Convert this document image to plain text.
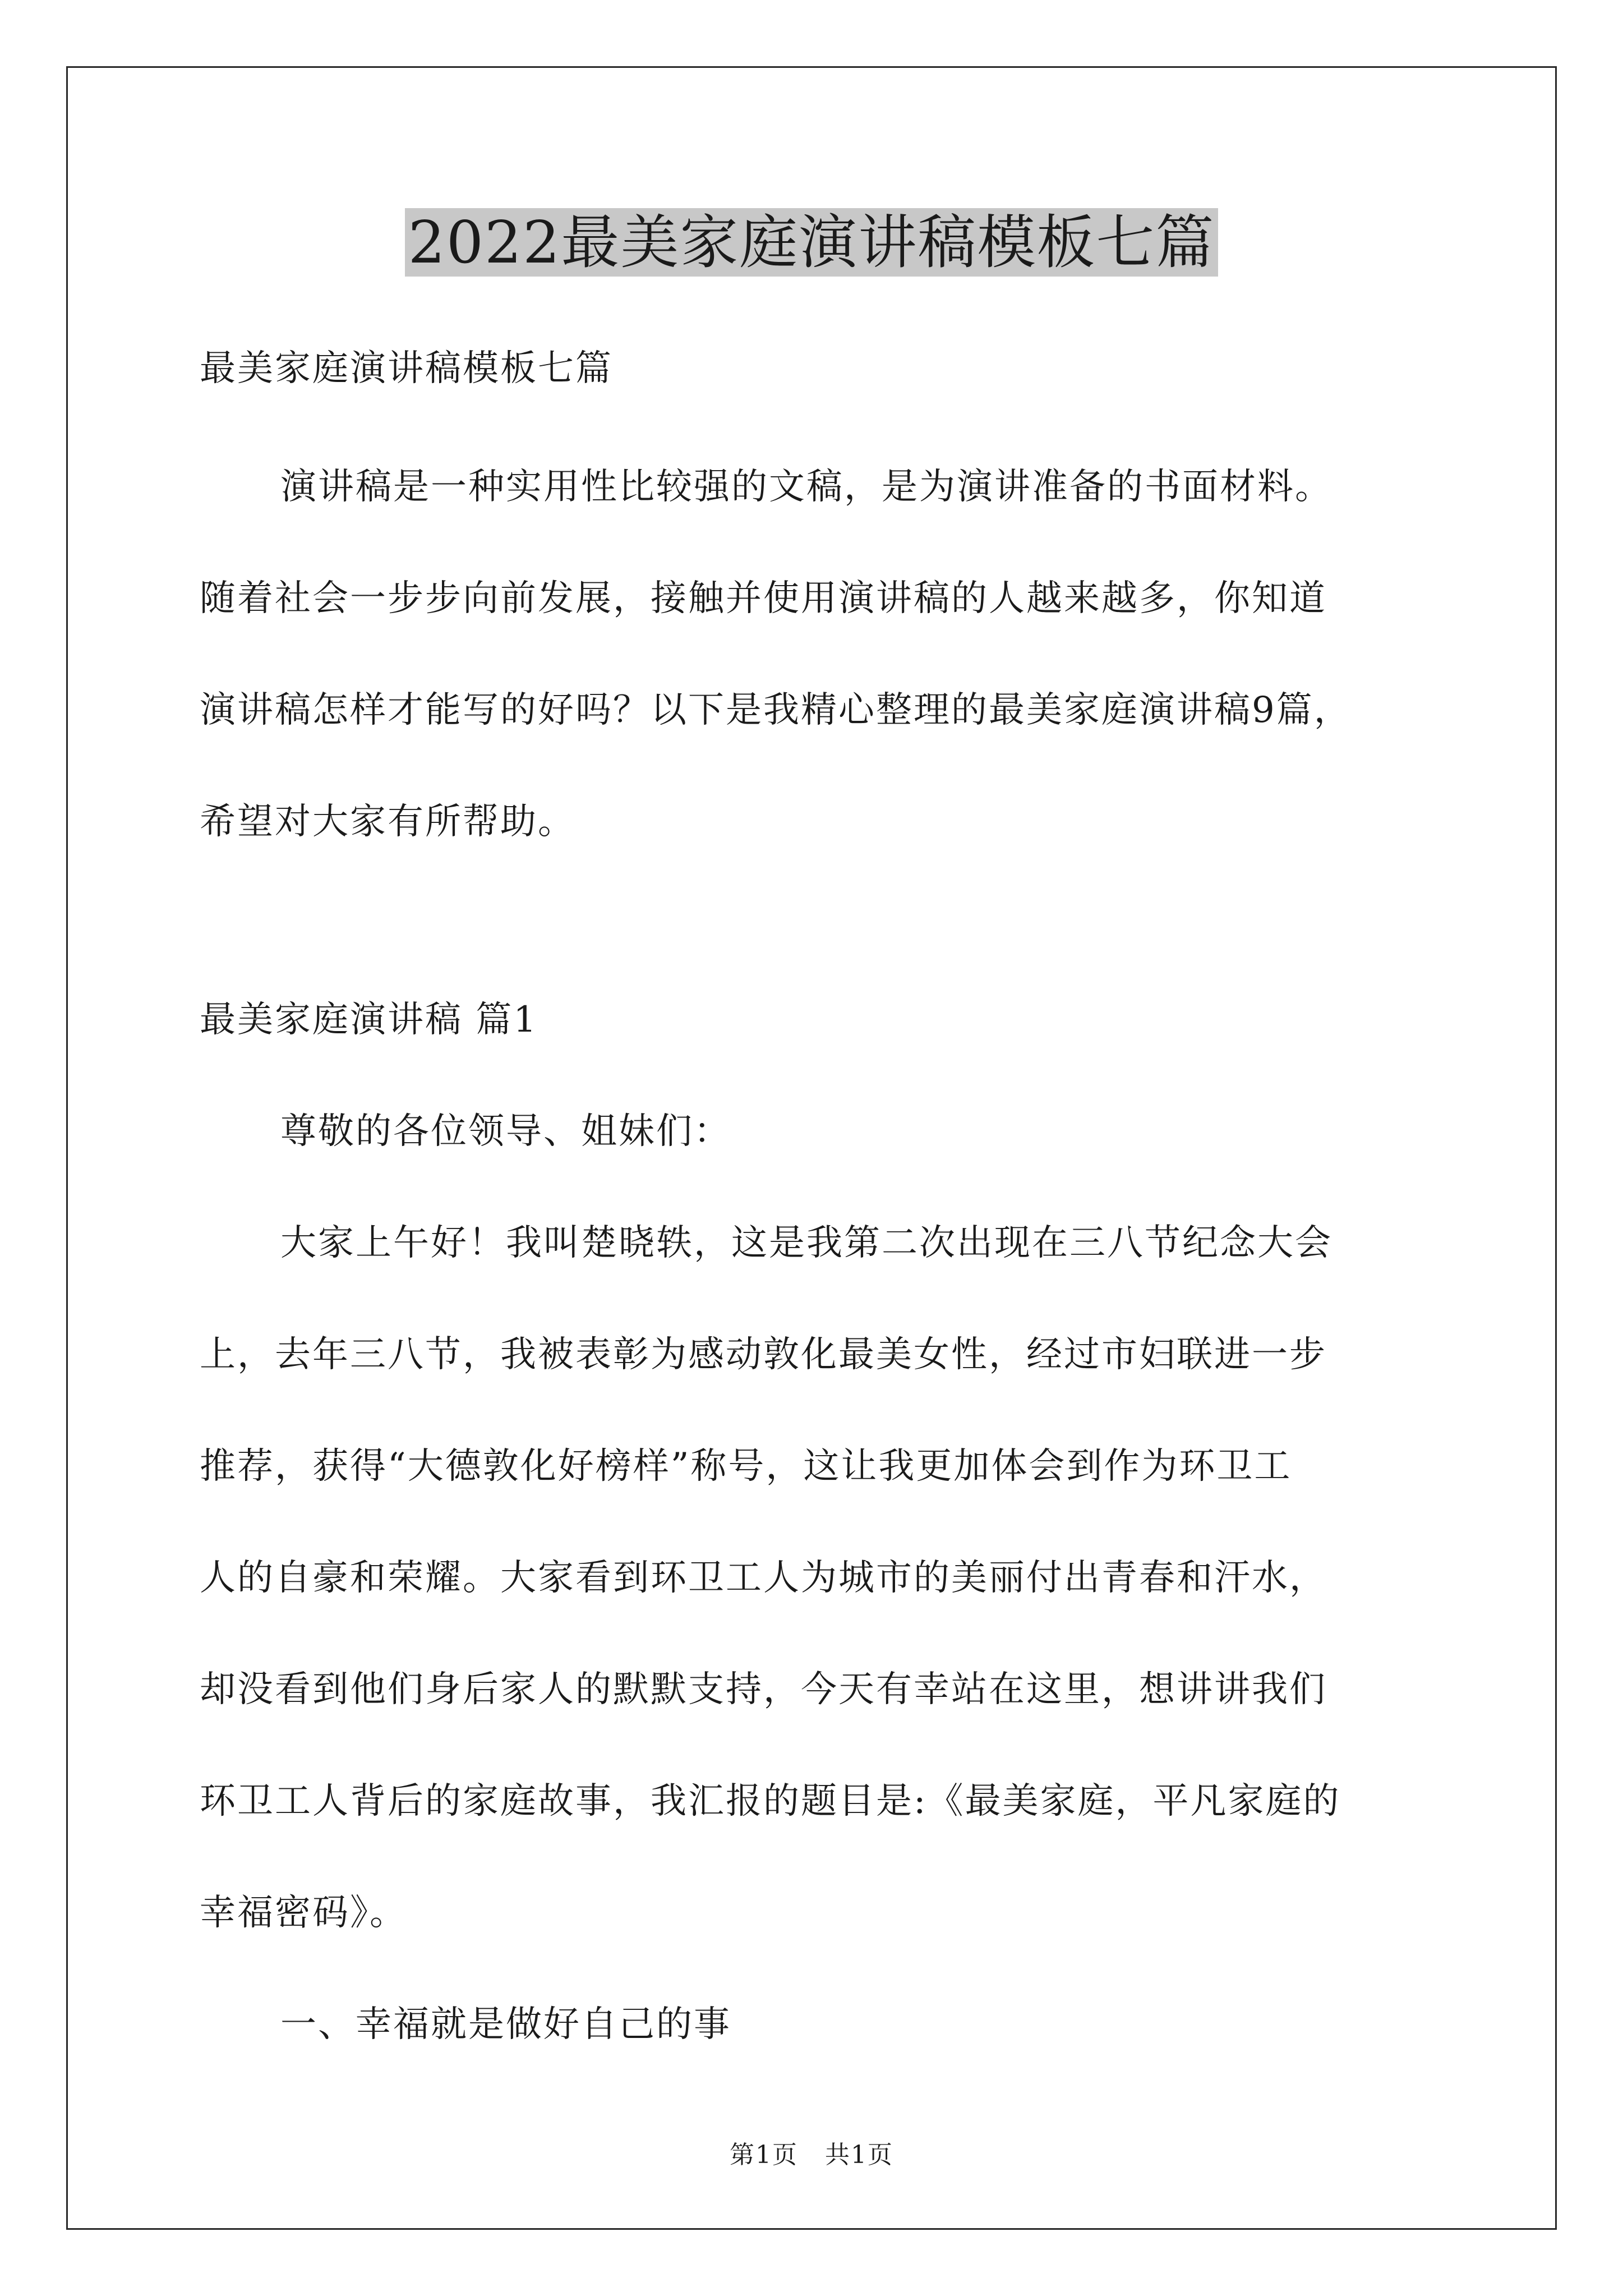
2022最美家庭演讲稿模板七篇

最美家庭演讲稿模板七篇

演讲稿是一种实用性比较强的文稿，是为演讲准备的书面材料。

随着社会一步步向前发展，接触并使用演讲稿的人越来越多，你知道

演讲稿怎样才能写的好吗？以下是我精心整理的最美家庭演讲稿9篇，

希望对大家有所帮助。

最美家庭演讲稿 篇1

尊敬的各位领导、姐妹们：

大家上午好！我叫楚晓轶，这是我第二次出现在三八节纪念大会

上，去年三八节，我被表彰为感动敦化最美女性，经过市妇联进一步

推荐，获得“大德敦化好榜样”称号，这让我更加体会到作为环卫工

人的自豪和荣耀。大家看到环卫工人为城市的美丽付出青春和汗水，

却没看到他们身后家人的默默支持，今天有幸站在这里，想讲讲我们

环卫工人背后的家庭故事，我汇报的题目是:《最美家庭，平凡家庭的

幸福密码》。

一、幸福就是做好自己的事

第1页   共1页
